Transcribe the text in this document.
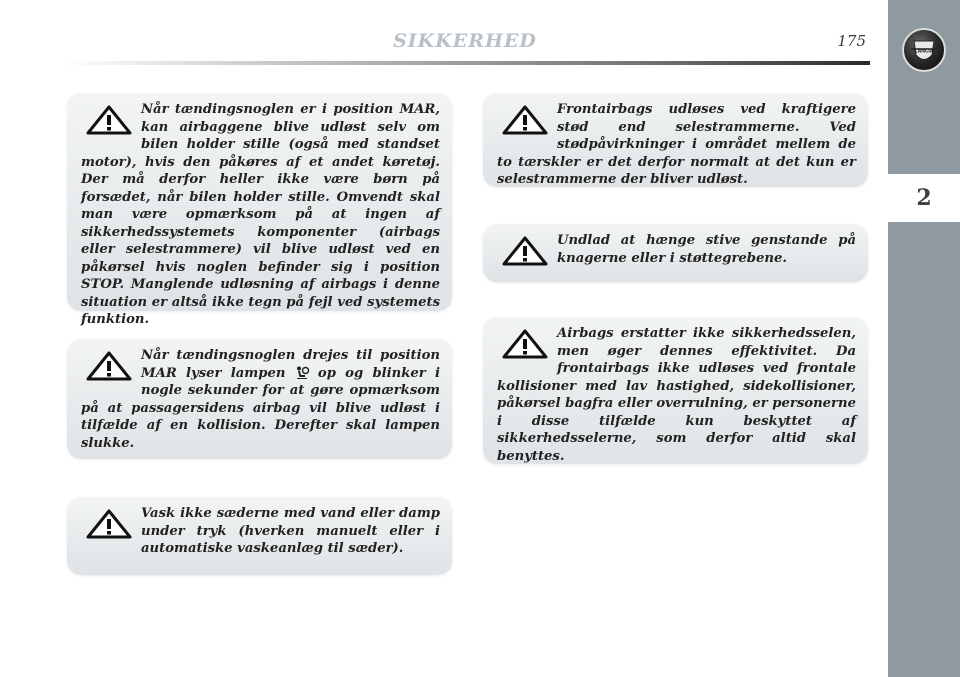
SIKKERHED	175
LANCIA
2

Når tændingsnoglen er i position MAR, kan airbaggene blive udløst selv om bilen holder stille (også med standset motor), hvis den påkøres af et andet køretøj. Der må derfor heller ikke være børn på forsædet, når bilen holder stille. Omvendt skal man være opmærksom på at ingen af sikkerhedssystemets komponenter (airbags eller selestrammere) vil blive udløst ved en påkørsel hvis noglen befinder sig i position STOP. Manglende udløsning af airbags i denne situation er altså ikke tegn på fejl ved systemets funktion.

Når tændingsnoglen drejes til position MAR lyser lampen op og blinker i nogle sekunder for at gøre opmærksom på at passagersidens airbag vil blive udløst i tilfælde af en kollision. Derefter skal lampen slukke.

Vask ikke sæderne med vand eller damp under tryk (hverken manuelt eller i automatiske vaskeanlæg til sæder).

Frontairbags udløses ved kraftigere stød end selestrammerne. Ved stødpåvirkninger i området mellem de to tærskler er det derfor normalt at det kun er selestrammerne der bliver udløst.

Undlad at hænge stive genstande på knagerne eller i støttegrebene.

Airbags erstatter ikke sikkerhedsselen, men øger dennes effektivitet. Da frontairbags ikke udløses ved frontale kollisioner med lav hastighed, sidekollisioner, påkørsel bagfra eller overrulning, er personerne i disse tilfælde kun beskyttet af sikkerhedsselerne, som derfor altid skal benyttes.
